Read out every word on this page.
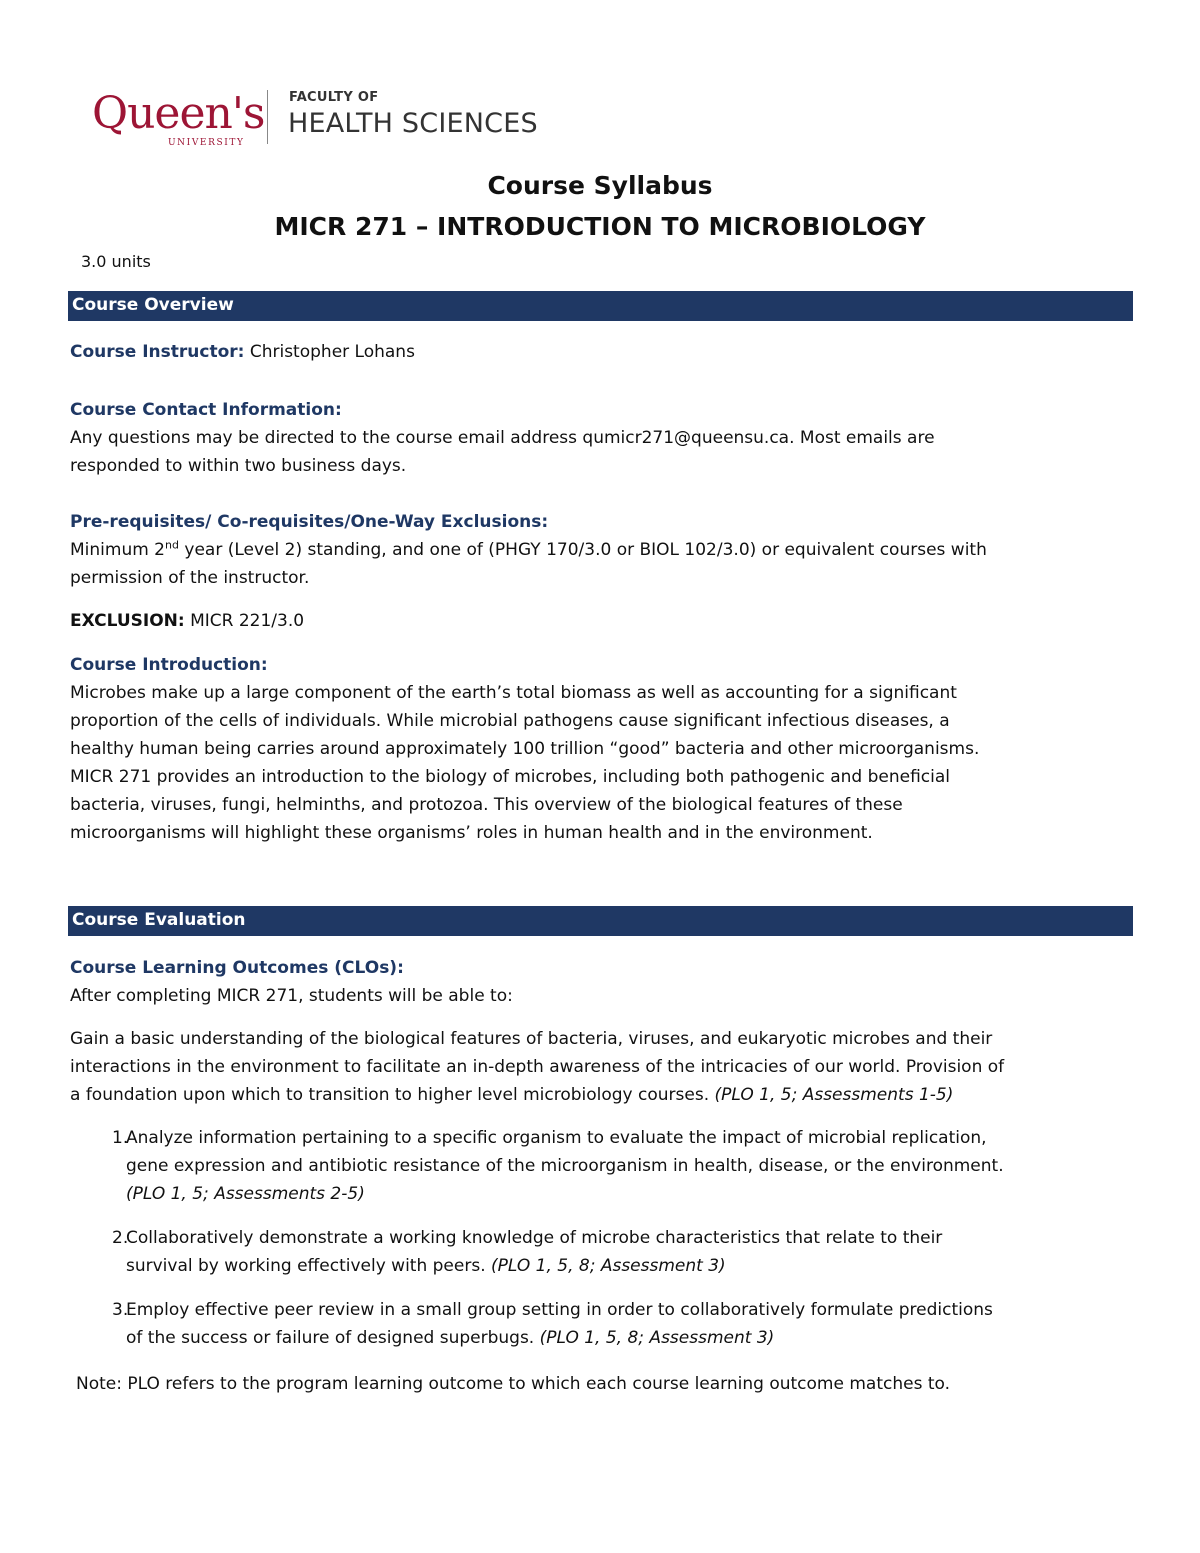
Queen's
UNIVERSITY
FACULTY OF
HEALTH SCIENCES
Course Syllabus
MICR 271 – INTRODUCTION TO MICROBIOLOGY
3.0 units
Course Overview
Course Instructor: Christopher Lohans
Course Contact Information:
Any questions may be directed to the course email address qumicr271@queensu.ca. Most emails are
responded to within two business days.
Pre-requisites/ Co-requisites/One-Way Exclusions:
Minimum 2nd year (Level 2) standing, and one of (PHGY 170/3.0 or BIOL 102/3.0) or equivalent courses with
permission of the instructor.
EXCLUSION: MICR 221/3.0
Course Introduction:
Microbes make up a large component of the earth’s total biomass as well as accounting for a significant
proportion of the cells of individuals. While microbial pathogens cause significant infectious diseases, a
healthy human being carries around approximately 100 trillion “good” bacteria and other microorganisms.
MICR 271 provides an introduction to the biology of microbes, including both pathogenic and beneficial
bacteria, viruses, fungi, helminths, and protozoa. This overview of the biological features of these
microorganisms will highlight these organisms’ roles in human health and in the environment.
Course Evaluation
Course Learning Outcomes (CLOs):
After completing MICR 271, students will be able to:
Gain a basic understanding of the biological features of bacteria, viruses, and eukaryotic microbes and their
interactions in the environment to facilitate an in-depth awareness of the intricacies of our world. Provision of
a foundation upon which to transition to higher level microbiology courses. (PLO 1, 5; Assessments 1-5)
1.
Analyze information pertaining to a specific organism to evaluate the impact of microbial replication,
gene expression and antibiotic resistance of the microorganism in health, disease, or the environment.
(PLO 1, 5; Assessments 2-5)
2.
Collaboratively demonstrate a working knowledge of microbe characteristics that relate to their
survival by working effectively with peers. (PLO 1, 5, 8; Assessment 3)
3.
Employ effective peer review in a small group setting in order to collaboratively formulate predictions
of the success or failure of designed superbugs. (PLO 1, 5, 8; Assessment 3)
Note: PLO refers to the program learning outcome to which each course learning outcome matches to.
